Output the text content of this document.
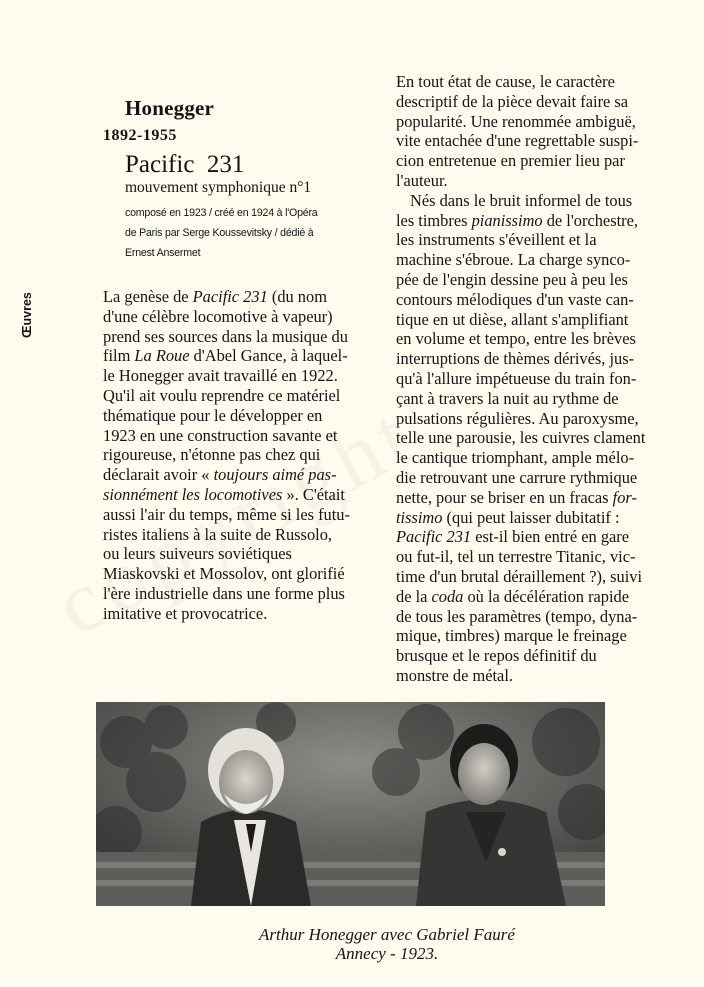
Honegger
1892-1955
Pacific  231
mouvement symphonique n°1
composé en 1923 / créé en 1924 à l'Opéra
de Paris par Serge Koussevitsky / dédié à
Ernest Ansermet
Œuvres	La genèse de Pacific 231 (du nom
d'une célèbre locomotive à vapeur)
prend ses sources dans la musique du
film La Roue d'Abel Gance, à laquel-
le Honegger avait travaillé en 1922.
Qu'il ait voulu reprendre ce matériel
thématique pour le développer en
1923 en une construction savante et
rigoureuse, n'étonne pas chez qui
déclarait avoir « toujours aimé pas-
sionnément les locomotives ». C'était
aussi l'air du temps, même si les futu-
ristes italiens à la suite de Russolo,
ou leurs suiveurs soviétiques
Miaskovski et Mossolov, ont glorifié
l'ère industrielle dans une forme plus
imitative et provocatrice.
En tout état de cause, le caractère
descriptif de la pièce devait faire sa
popularité. Une renommée ambiguë,
vite entachée d'une regrettable suspi-
cion entretenue en premier lieu par
l'auteur.
Nés dans le bruit informel de tous
les timbres pianissimo de l'orchestre,
les instruments s'éveillent et la
machine s'ébroue. La charge synco-
pée de l'engin dessine peu à peu les
contours mélodiques d'un vaste can-
tique en ut dièse, allant s'amplifiant
en volume et tempo, entre les brèves
interruptions de thèmes dérivés, jus-
qu'à l'allure impétueuse du train fon-
çant à travers la nuit au rythme de
pulsations régulières. Au paroxysme,
telle une parousie, les cuivres clament
le cantique triomphant, ample mélo-
die retrouvant une carrure rythmique
nette, pour se briser en un fracas for-
tissimo (qui peut laisser dubitatif :
Pacific 231 est-il bien entré en gare
ou fut-il, tel un terrestre Titanic, vic-
time d'un brutal déraillement ?), suivi
de la coda où la décélération rapide
de tous les paramètres (tempo, dyna-
mique, timbres) marque le freinage
brusque et le repos définitif du
monstre de métal.
Arthur Honegger avec Gabriel Fauré
Annecy - 1923.
